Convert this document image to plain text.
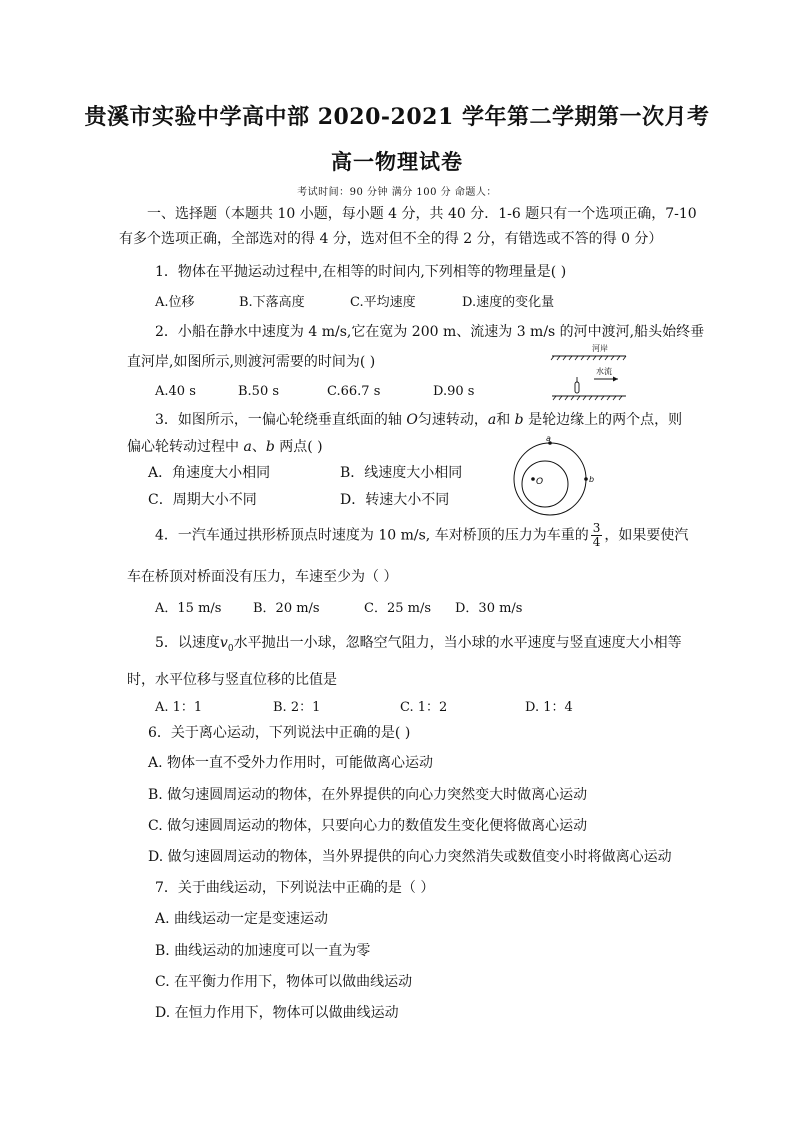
贵溪市实验中学高中部 2020-2021 学年第二学期第一次月考
高一物理试卷
考试时间：90 分钟 满分 100 分 命题人：
一、选择题（本题共 10 小题，每小题 4 分，共 40 分．1-6 题只有一个选项正确，7-10
有多个选项正确，全部选对的得 4 分，选对但不全的得 2 分，有错选或不答的得 0 分）
1．物体在平抛运动过程中,在相等的时间内,下列相等的物理量是( )
A.位移	B.下落高度	C.平均速度	D.速度的变化量
2．小船在静水中速度为 4 m/s,它在宽为 200 m、流速为 3 m/s 的河中渡河,船头始终垂
直河岸,如图所示,则渡河需要的时间为( )
A.40 s	B.50 s	C.66.7 s	D.90 s
河岸
水流
3．如图所示，一偏心轮绕垂直纸面的轴 O匀速转动，a和 b 是轮边缘上的两个点，则
偏心轮转动过程中 a、b 两点( )
A．角速度大小相同	B．线速度大小相同
C．周期大小不同	D．转速大小不同
a
b
O
4．一汽车通过拱形桥顶点时速度为 10 m/s, 车对桥顶的压力为车重的 $\frac{3}{4}$ ，如果要使汽
车在桥顶对桥面没有压力，车速至少为（ ）
A．15 m/s B．20 m/s	C．25 m/s D．30 m/s
5．以速度$v_0$水平抛出一小球，忽略空气阻力，当小球的水平速度与竖直速度大小相等
时，水平位移与竖直位移的比值是
A. 1：1	B. 2：1	C. 1：2	D. 1：4
6．关于离心运动，下列说法中正确的是( )
A. 物体一直不受外力作用时，可能做离心运动
B. 做匀速圆周运动的物体，在外界提供的向心力突然变大时做离心运动
C. 做匀速圆周运动的物体，只要向心力的数值发生变化便将做离心运动
D. 做匀速圆周运动的物体，当外界提供的向心力突然消失或数值变小时将做离心运动
7．关于曲线运动，下列说法中正确的是（ ）
A. 曲线运动一定是变速运动
B. 曲线运动的加速度可以一直为零
C. 在平衡力作用下，物体可以做曲线运动
D. 在恒力作用下，物体可以做曲线运动
